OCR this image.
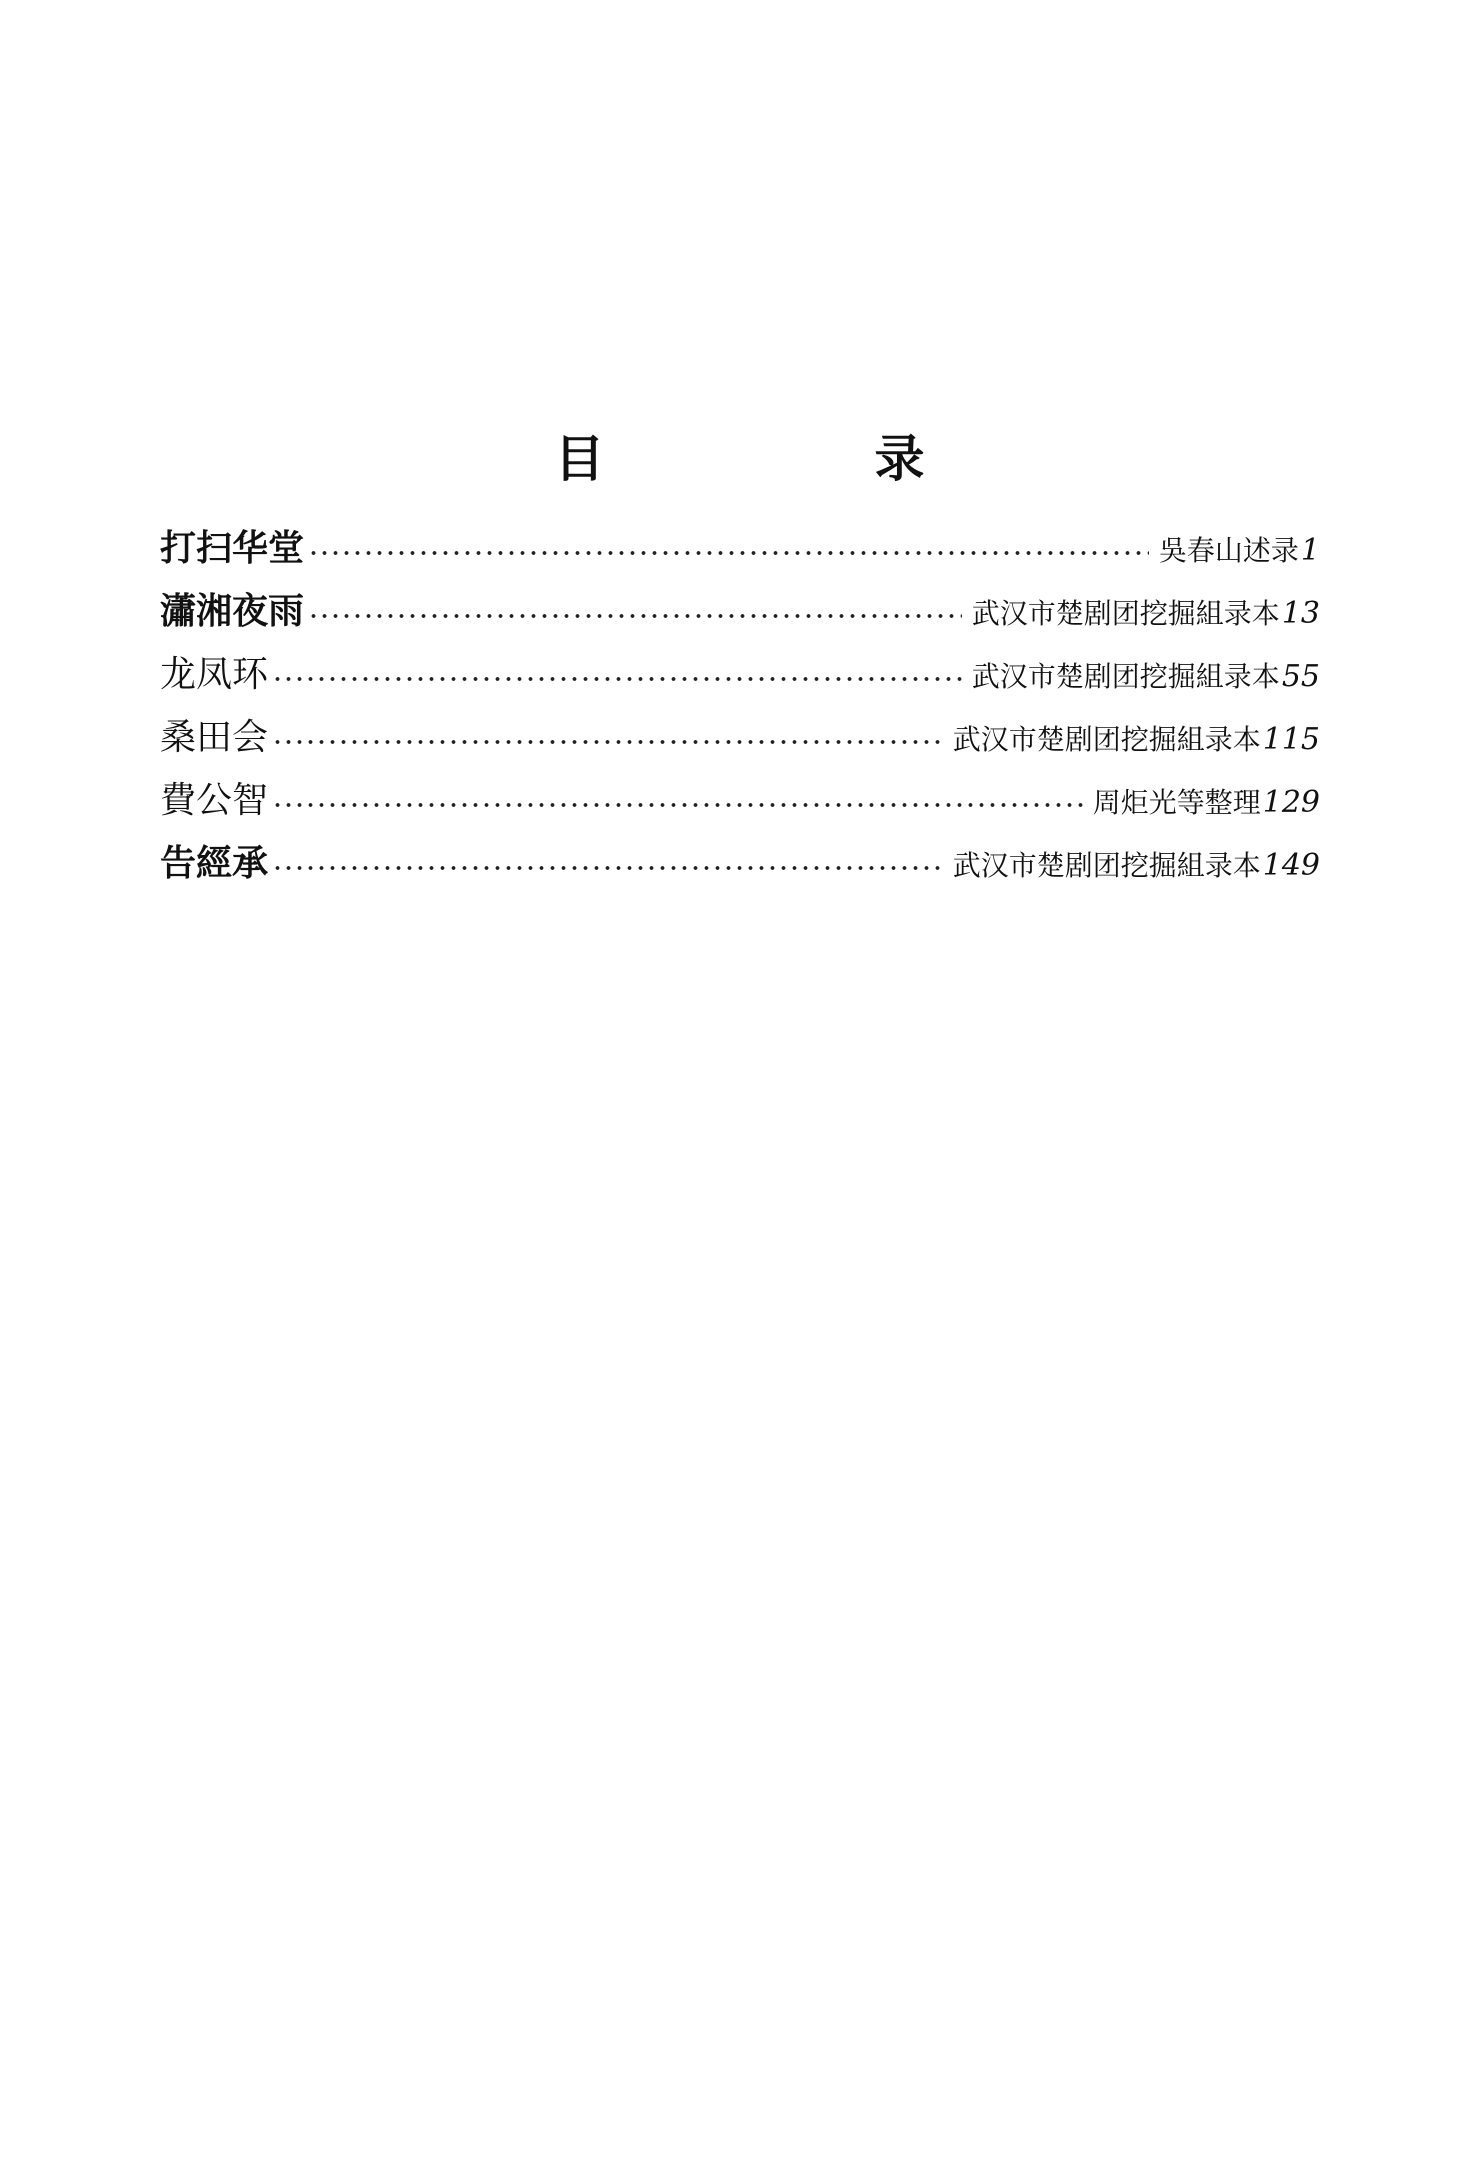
目　录
打扫华堂	吳春山述录 1
瀟湘夜雨	武汉市楚剧团挖掘組录本 13
龙凤环	武汉市楚剧团挖掘組录本 55
桑田会	武汉市楚剧团挖掘組录本 115
費公智	周炬光等整理 129
告經承	武汉市楚剧团挖掘組录本 149
